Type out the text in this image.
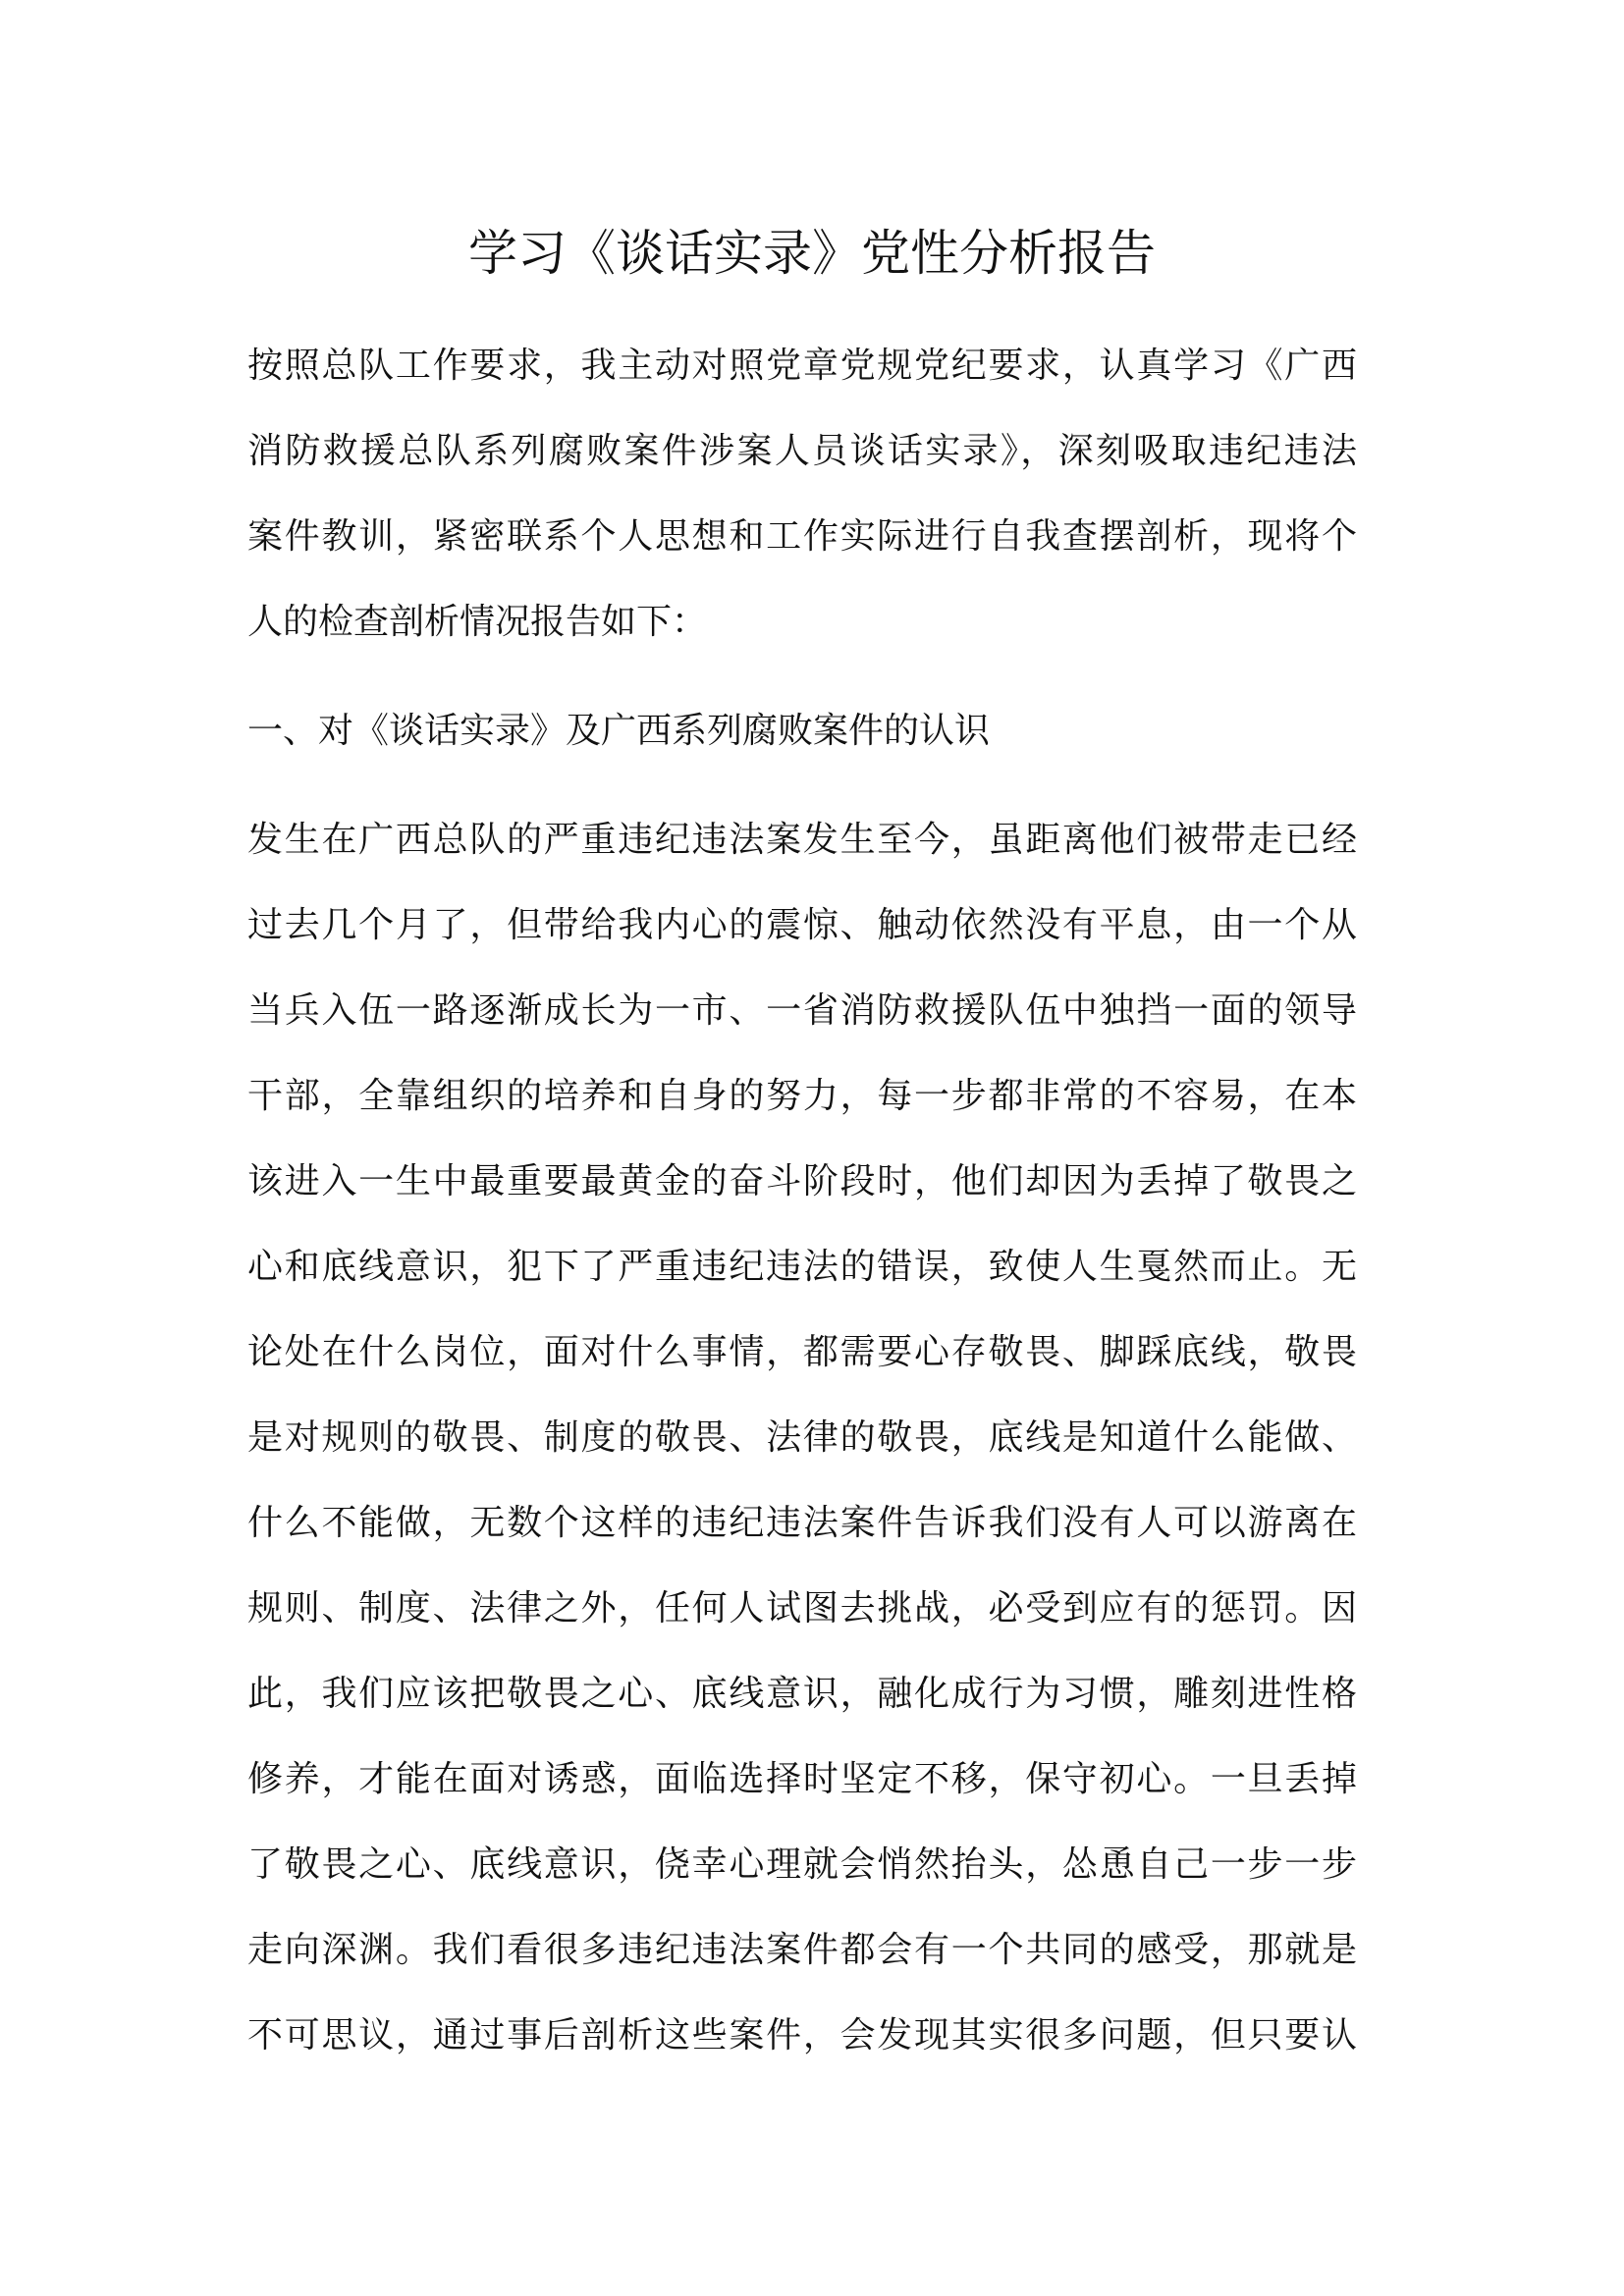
学习《谈话实录》党性分析报告

按照总队工作要求，我主动对照党章党规党纪要求，认真学习《广西

消防救援总队系列腐败案件涉案人员谈话实录》，深刻吸取违纪违法

案件教训，紧密联系个人思想和工作实际进行自我查摆剖析，现将个

人的检查剖析情况报告如下：

一、对《谈话实录》及广西系列腐败案件的认识

发生在广西总队的严重违纪违法案发生至今，虽距离他们被带走已经

过去几个月了，但带给我内心的震惊、触动依然没有平息，由一个从

当兵入伍一路逐渐成长为一市、一省消防救援队伍中独挡一面的领导

干部，全靠组织的培养和自身的努力，每一步都非常的不容易，在本

该进入一生中最重要最黄金的奋斗阶段时，他们却因为丢掉了敬畏之

心和底线意识，犯下了严重违纪违法的错误，致使人生戛然而止。无

论处在什么岗位，面对什么事情，都需要心存敬畏、脚踩底线，敬畏

是对规则的敬畏、制度的敬畏、法律的敬畏，底线是知道什么能做、

什么不能做，无数个这样的违纪违法案件告诉我们没有人可以游离在

规则、制度、法律之外，任何人试图去挑战，必受到应有的惩罚。因

此，我们应该把敬畏之心、底线意识，融化成行为习惯，雕刻进性格

修养，才能在面对诱惑，面临选择时坚定不移，保守初心。一旦丢掉

了敬畏之心、底线意识，侥幸心理就会悄然抬头，怂恿自己一步一步

走向深渊。我们看很多违纪违法案件都会有一个共同的感受，那就是

不可思议，通过事后剖析这些案件，会发现其实很多问题，但只要认
